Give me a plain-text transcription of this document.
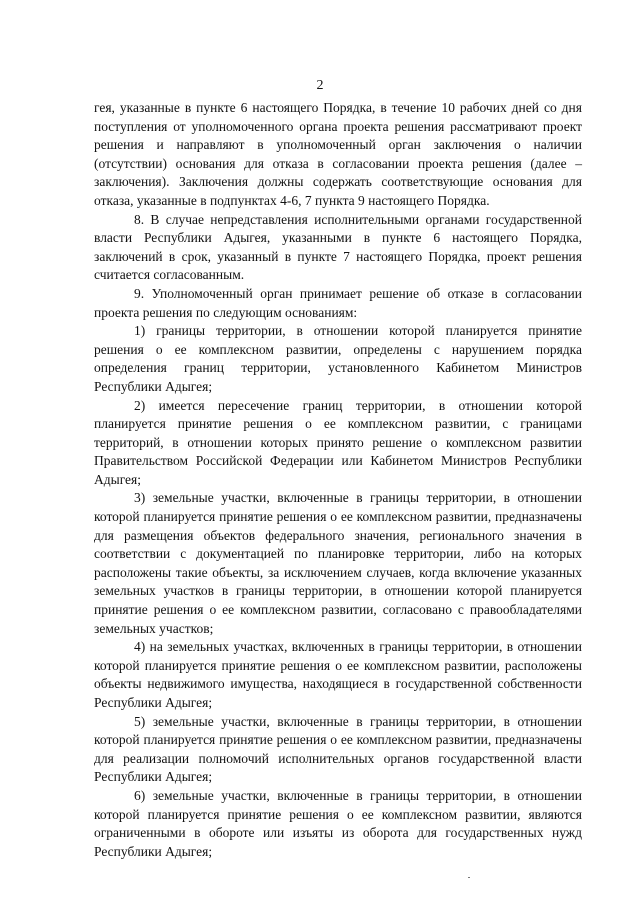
2

гея, указанные в пункте 6 настоящего Порядка, в течение 10 рабочих дней со дня поступления от уполномоченного органа проекта решения рассматривают проект решения и направляют в уполномоченный орган заключения о наличии (отсутствии) основания для отказа в согласовании проекта решения (далее – заключения). Заключения должны содержать соответствующие основания для отказа, указанные в подпунктах 4-6, 7 пункта 9 настоящего Порядка.

8. В случае непредставления исполнительными органами государственной власти Республики Адыгея, указанными в пункте 6 настоящего Порядка, заключений в срок, указанный в пункте 7 настоящего Порядка, проект решения считается согласованным.

9. Уполномоченный орган принимает решение об отказе в согласовании проекта решения по следующим основаниям:

1) границы территории, в отношении которой планируется принятие решения о ее комплексном развитии, определены с нарушением порядка определения границ территории, установленного Кабинетом Министров Республики Адыгея;

2) имеется пересечение границ территории, в отношении которой планируется принятие решения о ее комплексном развитии, с границами территорий, в отношении которых принято решение о комплексном развитии Правительством Российской Федерации или Кабинетом Министров Республики Адыгея;

3) земельные участки, включенные в границы территории, в отношении которой планируется принятие решения о ее комплексном развитии, предназначены для размещения объектов федерального значения, регионального значения в соответствии с документацией по планировке территории, либо на которых расположены такие объекты, за исключением случаев, когда включение указанных земельных участков в границы территории, в отношении которой планируется принятие решения о ее комплексном развитии, согласовано с правообладателями земельных участков;

4) на земельных участках, включенных в границы территории, в отношении которой планируется принятие решения о ее комплексном развитии, расположены объекты недвижимого имущества, находящиеся в государственной собственности Республики Адыгея;

5) земельные участки, включенные в границы территории, в отношении которой планируется принятие решения о ее комплексном развитии, предназначены для реализации полномочий исполнительных органов государственной власти Республики Адыгея;

6) земельные участки, включенные в границы территории, в отношении которой планируется принятие решения о ее комплексном развитии, являются ограниченными в обороте или изъяты из оборота для государственных нужд Республики Адыгея;
